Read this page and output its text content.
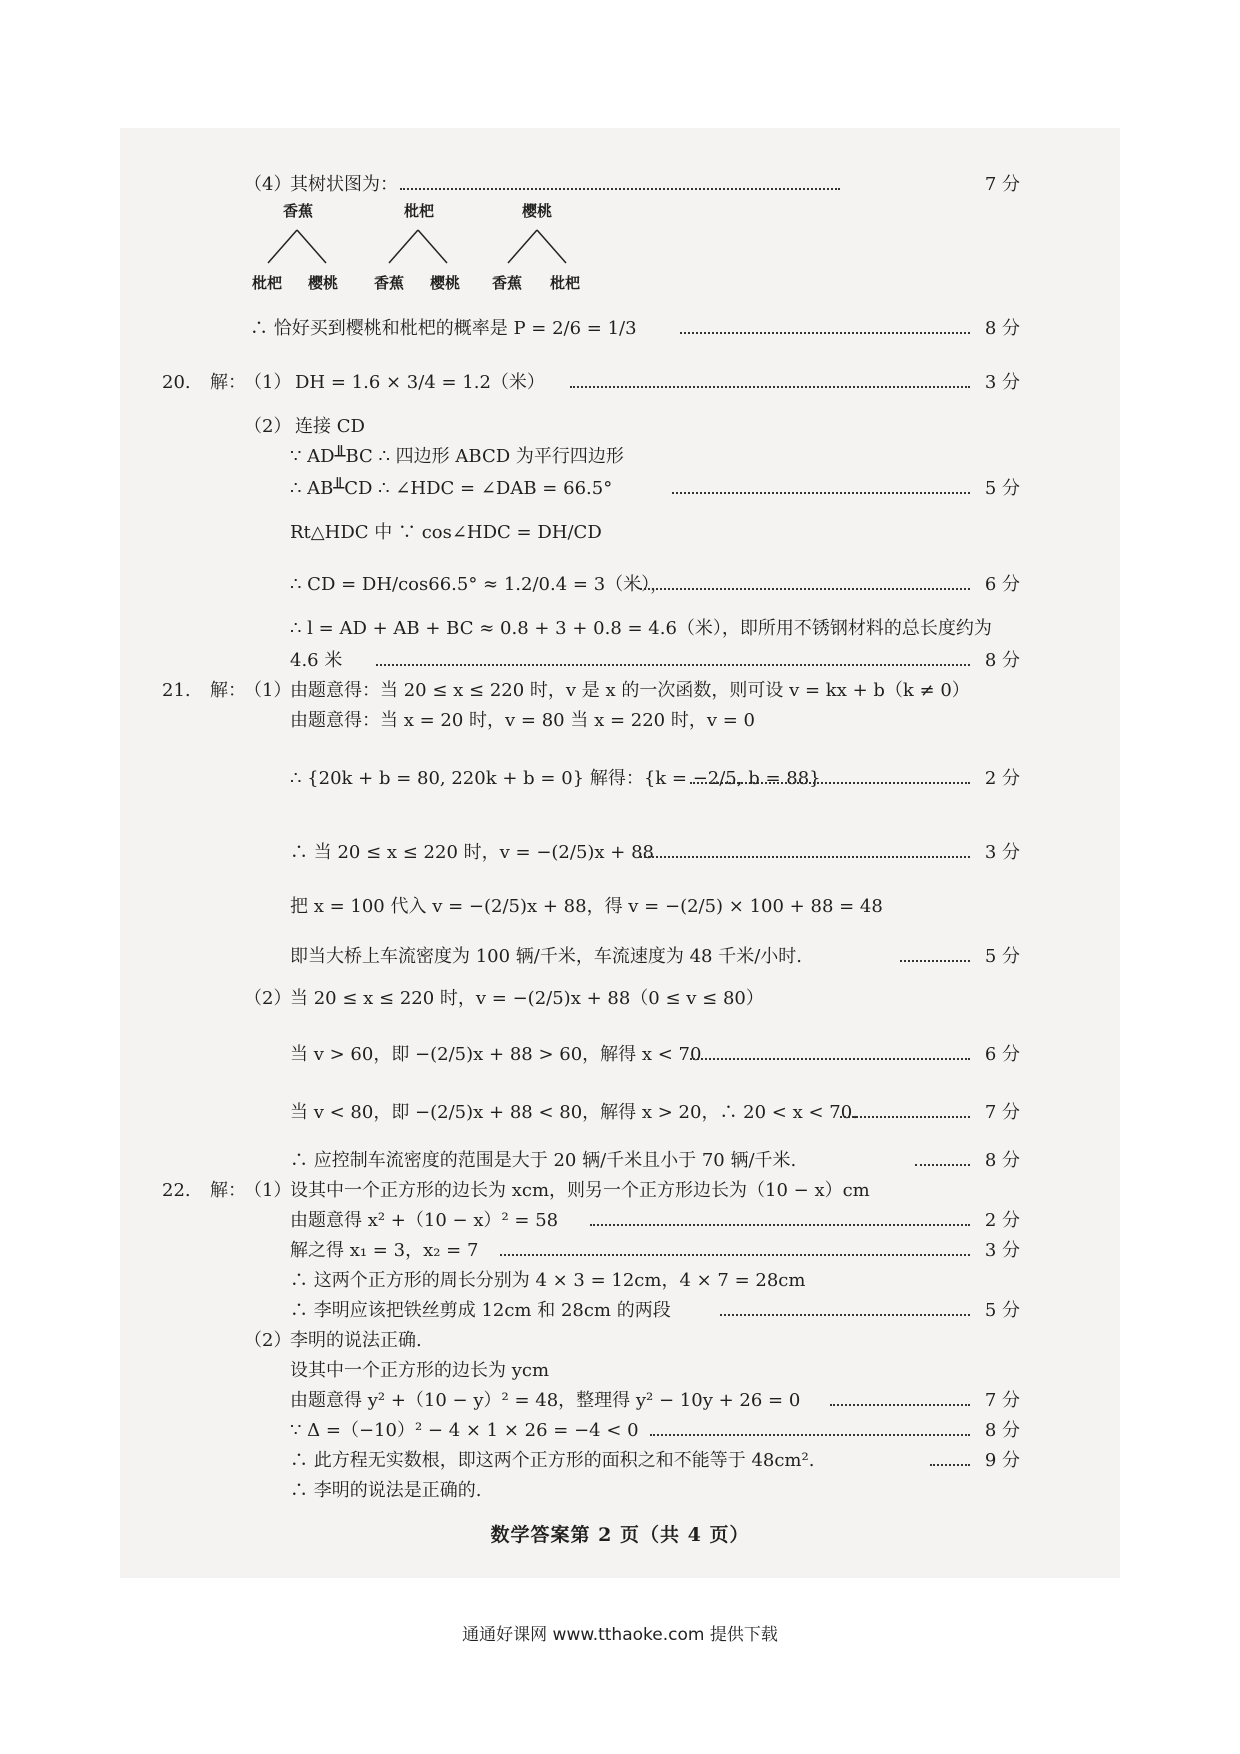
（4）
其树状图为：	7 分
香蕉	枇杷	樱桃
枇杷 樱桃 香蕉 樱桃 香蕉 枇杷
∴ 恰好买到樱桃和枇杷的概率是 P = 2/6 = 1/3	8 分
20. 解：
（1） DH = 1.6 × 3/4 = 1.2（米）	3 分
（2） 连接 CD
∵ AD╨BC ∴ 四边形 ABCD 为平行四边形
∴ AB╨CD ∴ ∠HDC = ∠DAB = 66.5°	5 分
Rt△HDC 中 ∵ cos∠HDC = DH/CD
∴ CD = DH/cos66.5° ≈ 1.2/0.4 = 3（米），	6 分
∴ l = AD + AB + BC ≈ 0.8 + 3 + 0.8 = 4.6（米），即所用不锈钢材料的总长度约为
4.6 米	8 分
21. 解：
（1）
由题意得：当 20 ≤ x ≤ 220 时，v 是 x 的一次函数，则可设 v = kx + b（k ≠ 0）
由题意得：当 x = 20 时，v = 80 当 x = 220 时，v = 0
∴ {20k + b = 80, 220k + b = 0} 解得：{k = −2/5, b = 88}	2 分
∴ 当 20 ≤ x ≤ 220 时，v = −(2/5)x + 88	3 分
把 x = 100 代入 v = −(2/5)x + 88，得 v = −(2/5) × 100 + 88 = 48
即当大桥上车流密度为 100 辆/千米，车流速度为 48 千米/小时.	5 分
（2）
当 20 ≤ x ≤ 220 时，v = −(2/5)x + 88（0 ≤ v ≤ 80）
当 v > 60，即 −(2/5)x + 88 > 60，解得 x < 70	6 分
当 v < 80，即 −(2/5)x + 88 < 80，解得 x > 20，∴ 20 < x < 70.	7 分
∴ 应控制车流密度的范围是大于 20 辆/千米且小于 70 辆/千米.	8 分
22. 解：
（1）
设其中一个正方形的边长为 xcm，则另一个正方形边长为（10 − x）cm
由题意得 x² +（10 − x）² = 58	2 分
解之得 x₁ = 3，x₂ = 7	3 分
∴ 这两个正方形的周长分别为 4 × 3 = 12cm，4 × 7 = 28cm
∴ 李明应该把铁丝剪成 12cm 和 28cm 的两段	5 分
（2）
李明的说法正确.
设其中一个正方形的边长为 ycm
由题意得 y² +（10 − y）² = 48，整理得 y² − 10y + 26 = 0	7 分
∵ Δ =（−10）² − 4 × 1 × 26 = −4 < 0	8 分
∴ 此方程无实数根，即这两个正方形的面积之和不能等于 48cm².	9 分
∴ 李明的说法是正确的.
数学答案第 2 页（共 4 页）
通通好课网 www.tthaoke.com 提供下载
